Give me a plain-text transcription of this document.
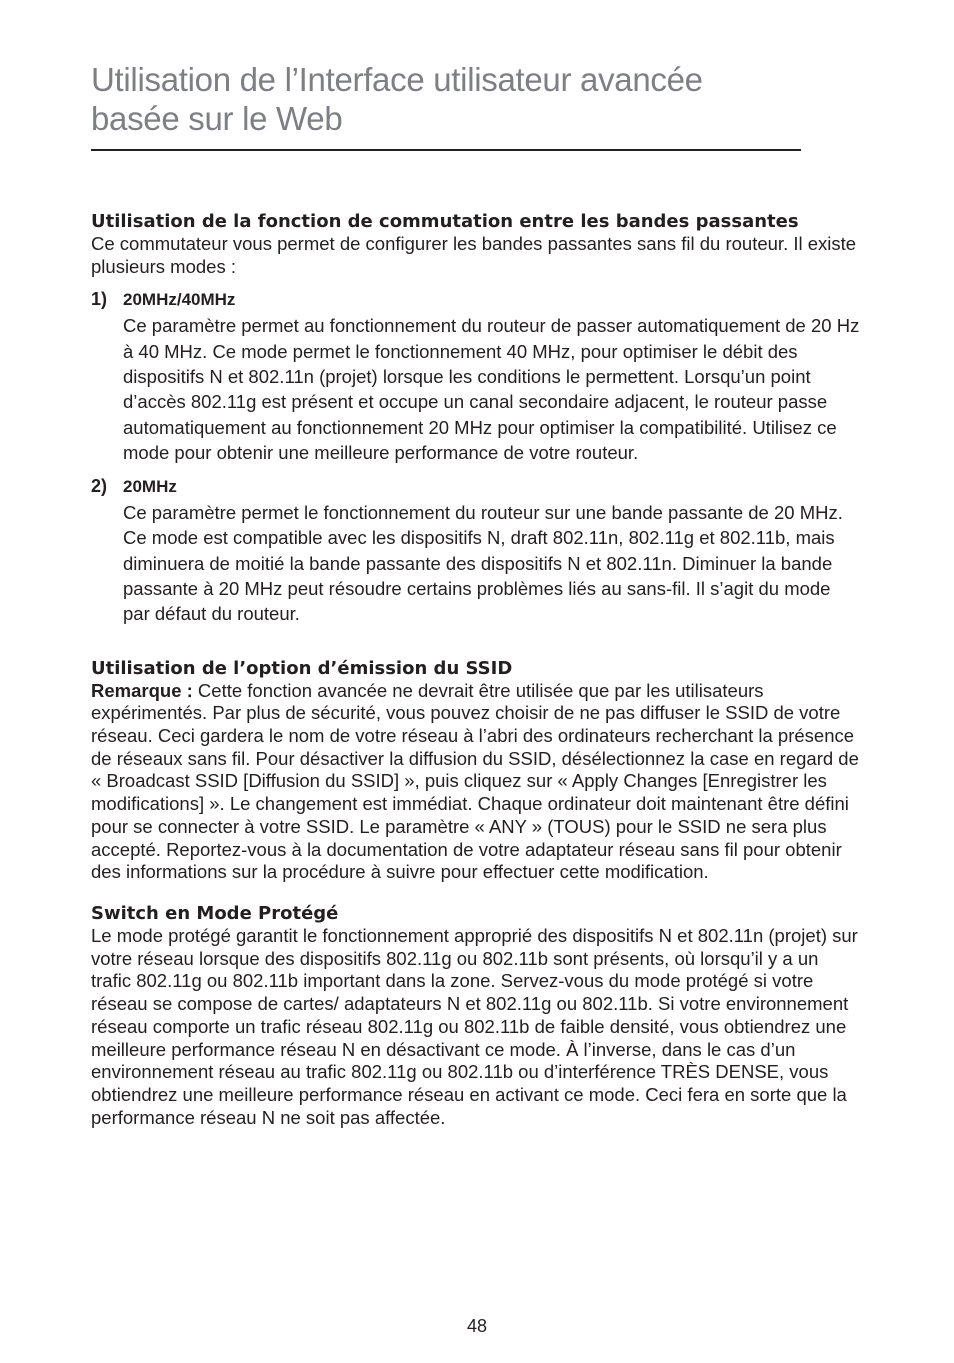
Utilisation de l’Interface utilisateur avancée
basée sur le Web
Utilisation de la fonction de commutation entre les bandes passantes

Ce commutateur vous permet de configurer les bandes passantes sans fil du routeur. Il existe plusieurs modes :

1) 20MHz/40MHz

Ce paramètre permet au fonctionnement du routeur de passer automatiquement de 20 Hz à 40 MHz. Ce mode permet le fonctionnement 40 MHz, pour optimiser le débit des dispositifs N et 802.11n (projet) lorsque les conditions le permettent. Lorsqu’un point d’accès 802.11g est présent et occupe un canal secondaire adjacent, le routeur passe automatiquement au fonctionnement 20 MHz pour optimiser la compatibilité. Utilisez ce mode pour obtenir une meilleure performance de votre routeur.

2) 20MHz

Ce paramètre permet le fonctionnement du routeur sur une bande passante de 20 MHz. Ce mode est compatible avec les dispositifs N, draft 802.11n, 802.11g et 802.11b, mais diminuera de moitié la bande passante des dispositifs N et 802.11n. Diminuer la bande passante à 20 MHz peut résoudre certains problèmes liés au sans-fil. Il s’agit du mode par défaut du routeur.

Utilisation de l’option d’émission du SSID

Remarque : Cette fonction avancée ne devrait être utilisée que par les utilisateurs expérimentés. Par plus de sécurité, vous pouvez choisir de ne pas diffuser le SSID de votre réseau. Ceci gardera le nom de votre réseau à l’abri des ordinateurs recherchant la présence de réseaux sans fil. Pour désactiver la diffusion du SSID, désélectionnez la case en regard de « Broadcast SSID [Diffusion du SSID] », puis cliquez sur « Apply Changes [Enregistrer les modifications] ». Le changement est immédiat. Chaque ordinateur doit maintenant être défini pour se connecter à votre SSID. Le paramètre « ANY » (TOUS) pour le SSID ne sera plus accepté. Reportez-vous à la documentation de votre adaptateur réseau sans fil pour obtenir des informations sur la procédure à suivre pour effectuer cette modification.

Switch en Mode Protégé

Le mode protégé garantit le fonctionnement approprié des dispositifs N et 802.11n (projet) sur votre réseau lorsque des dispositifs 802.11g ou 802.11b sont présents, où lorsqu’il y a un trafic 802.11g ou 802.11b important dans la zone. Servez-vous du mode protégé si votre réseau se compose de cartes/ adaptateurs N et 802.11g ou 802.11b. Si votre environnement réseau comporte un trafic réseau 802.11g ou 802.11b de faible densité, vous obtiendrez une meilleure performance réseau N en désactivant ce mode. À l’inverse, dans le cas d’un environnement réseau au trafic 802.11g ou 802.11b ou d’interférence TRÈS DENSE, vous obtiendrez une meilleure performance réseau en activant ce mode. Ceci fera en sorte que la performance réseau N ne soit pas affectée.

48
